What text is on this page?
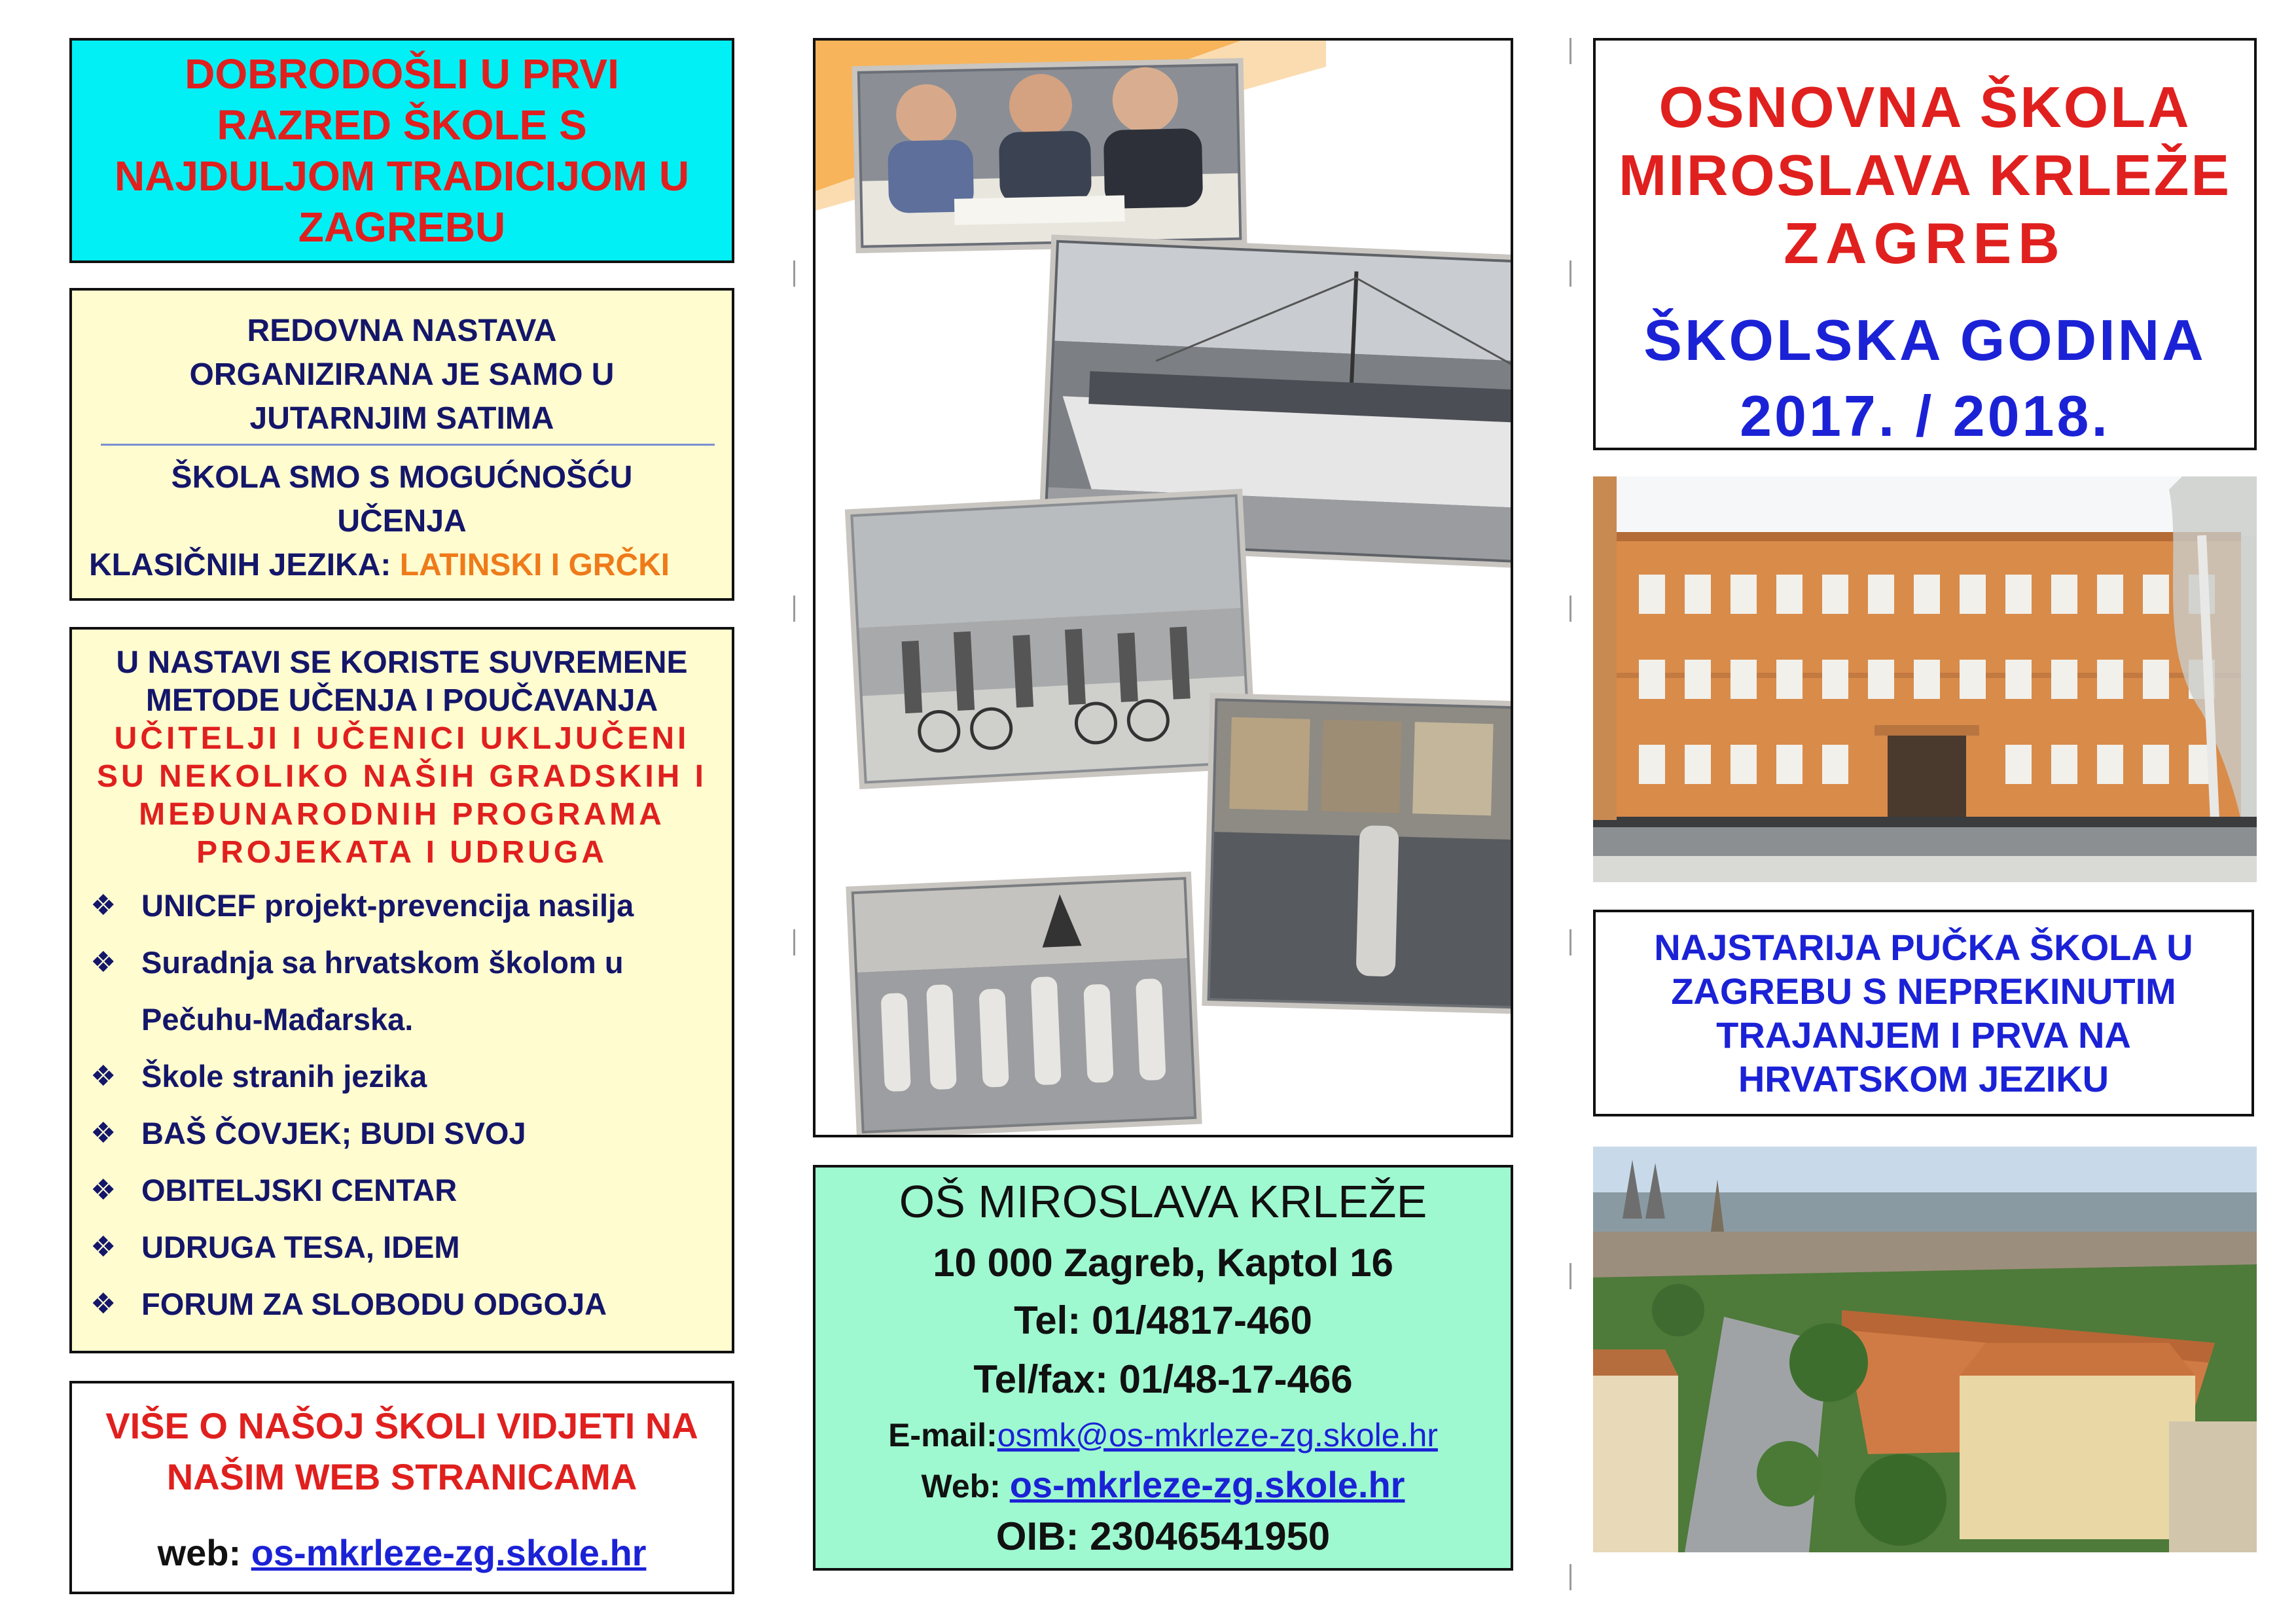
DOBRODOŠLI U PRVI
RAZRED ŠKOLE S
NAJDULJOM TRADICIJOM U
ZAGREBU
REDOVNA NASTAVA
ORGANIZIRANA JE SAMO U
JUTARNJIM SATIMA
ŠKOLA SMO S MOGUĆNOŠĆU
UČENJA
KLASIČNIH JEZIKA: LATINSKI I GRČKI
U NASTAVI SE KORISTE SUVREMENE
METODE UČENJA I POUČAVANJA
UČITELJI I UČENICI UKLJUČENI
SU NEKOLIKO NAŠIH GRADSKIH I
MEĐUNARODNIH PROGRAMA
PROJEKATA I UDRUGA
❖ UNICEF projekt-prevencija nasilja
❖ Suradnja sa hrvatskom školom u
Pečuhu-Mađarska.
❖ Škole stranih jezika
❖ BAŠ ČOVJEK; BUDI SVOJ
❖ OBITELJSKI CENTAR
❖ UDRUGA TESA, IDEM
❖ FORUM ZA SLOBODU ODGOJA
VIŠE O NAŠOJ ŠKOLI VIDJETI NA
NAŠIM WEB STRANICAMA
web: os-mkrleze-zg.skole.hr
OŠ MIROSLAVA KRLEŽE
10 000 Zagreb, Kaptol 16
Tel: 01/4817-460
Tel/fax: 01/48-17-466
E-mail:osmk@os-mkrleze-zg.skole.hr
Web: os-mkrleze-zg.skole.hr
OIB: 23046541950
OSNOVNA ŠKOLA
MIROSLAVA KRLEŽE
ZAGREB
ŠKOLSKA GODINA
2017. / 2018.
NAJSTARIJA PUČKA ŠKOLA U
ZAGREBU S NEPREKINUTIM
TRAJANJEM I PRVA NA
HRVATSKOM JEZIKU
